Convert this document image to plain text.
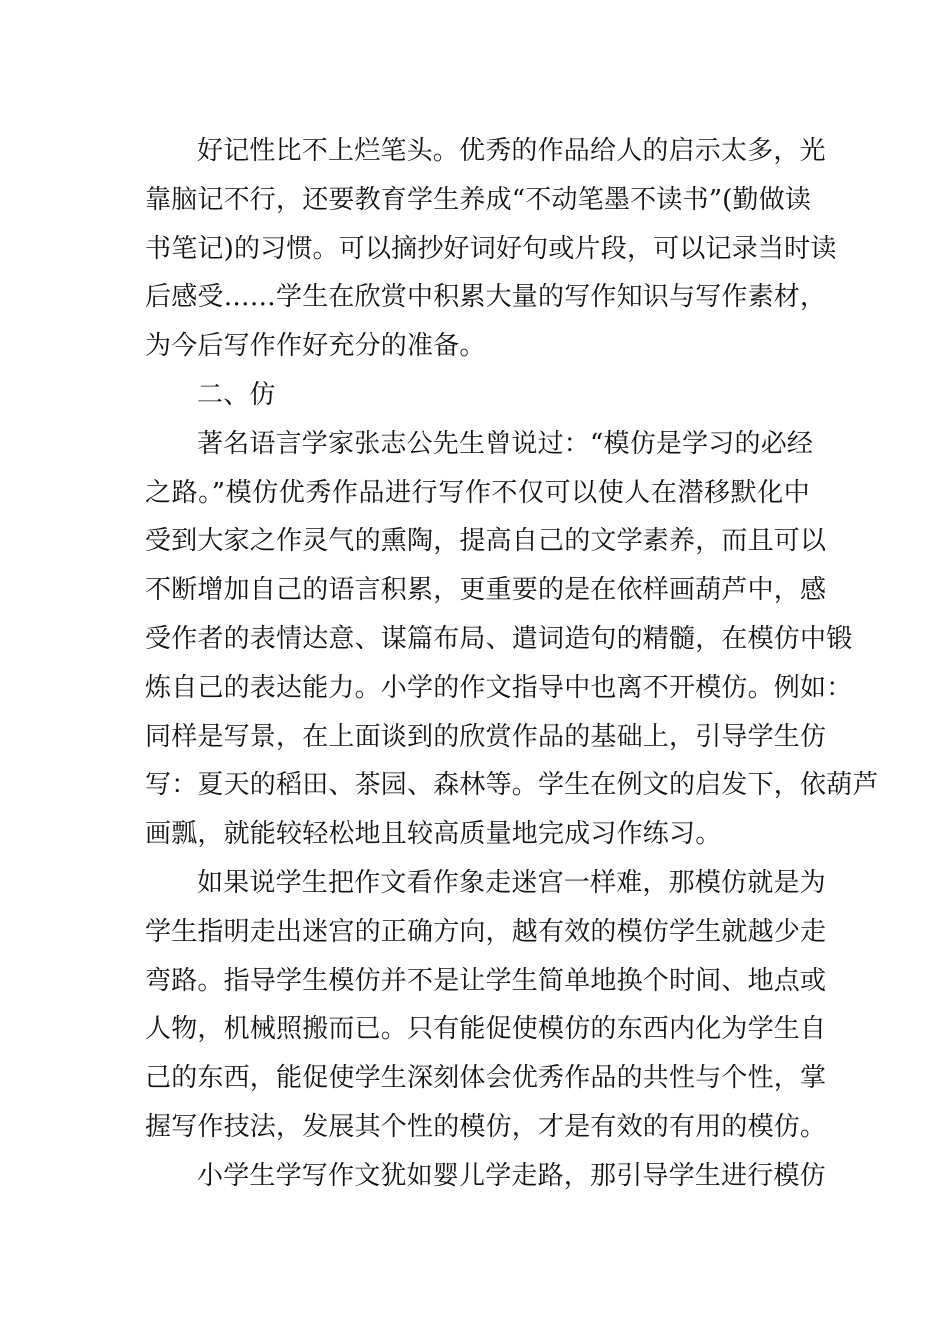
好记性比不上烂笔头。优秀的作品给人的启示太多，光
靠脑记不行，还要教育学生养成“不动笔墨不读书”(勤做读
书笔记)的习惯。可以摘抄好词好句或片段，可以记录当时读
后感受……学生在欣赏中积累大量的写作知识与写作素材，
为今后写作作好充分的准备。
二、仿
著名语言学家张志公先生曾说过：“模仿是学习的必经
之路。”模仿优秀作品进行写作不仅可以使人在潜移默化中
受到大家之作灵气的熏陶，提高自己的文学素养，而且可以
不断增加自己的语言积累，更重要的是在依样画葫芦中，感
受作者的表情达意、谋篇布局、遣词造句的精髓，在模仿中锻
炼自己的表达能力。小学的作文指导中也离不开模仿。例如：
同样是写景，在上面谈到的欣赏作品的基础上，引导学生仿
写：夏天的稻田、茶园、森林等。学生在例文的启发下，依葫芦
画瓢，就能较轻松地且较高质量地完成习作练习。
如果说学生把作文看作象走迷宫一样难，那模仿就是为
学生指明走出迷宫的正确方向，越有效的模仿学生就越少走
弯路。指导学生模仿并不是让学生简单地换个时间、地点或
人物，机械照搬而已。只有能促使模仿的东西内化为学生自
己的东西，能促使学生深刻体会优秀作品的共性与个性，掌
握写作技法，发展其个性的模仿，才是有效的有用的模仿。
小学生学写作文犹如婴儿学走路，那引导学生进行模仿
